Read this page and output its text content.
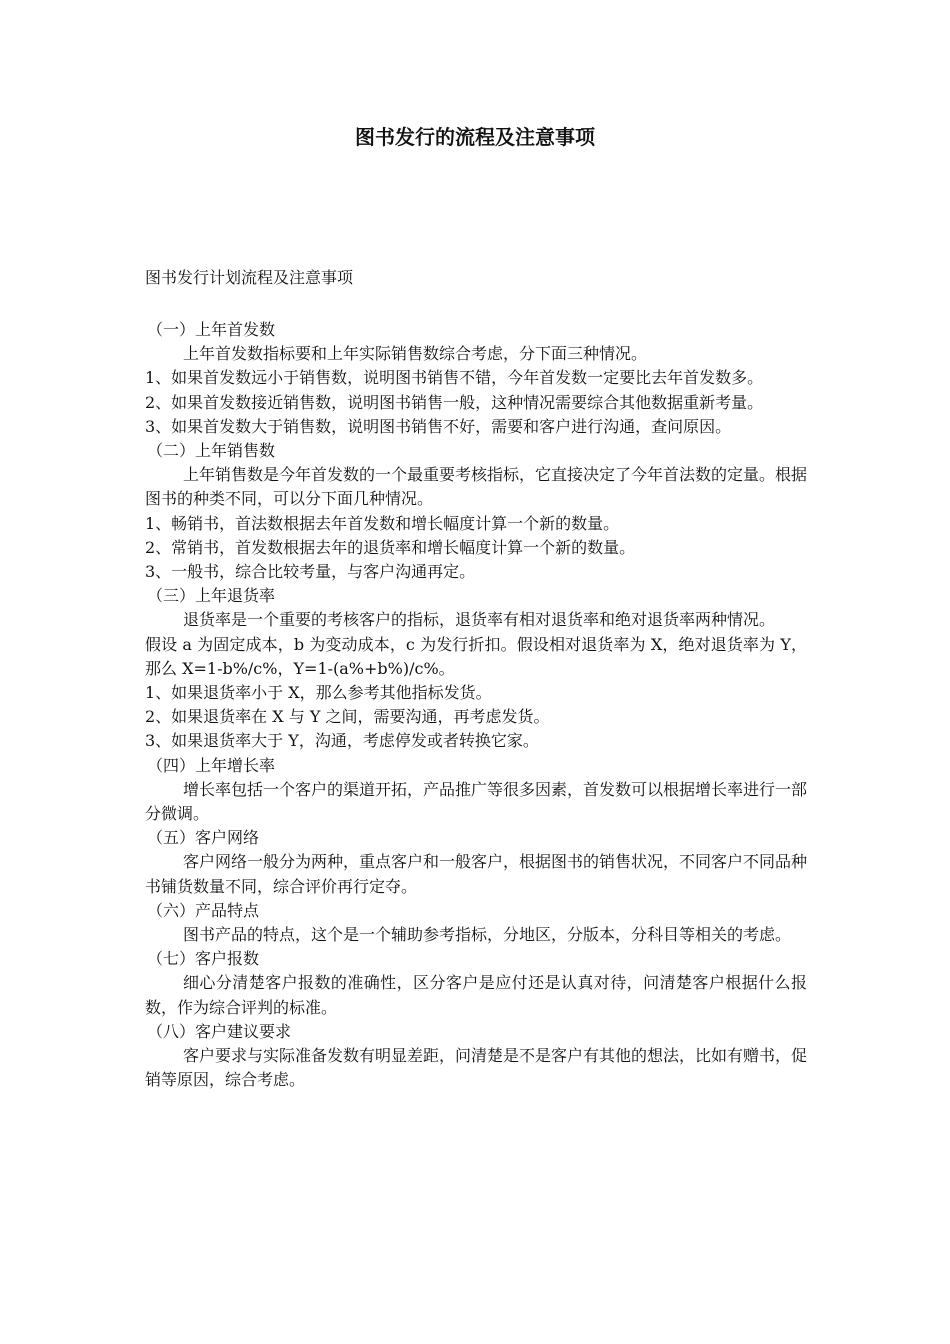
图书发行的流程及注意事项
图书发行计划流程及注意事项

（一）上年首发数

上年首发数指标要和上年实际销售数综合考虑，分下面三种情况。

1、如果首发数远小于销售数，说明图书销售不错，今年首发数一定要比去年首发数多。

2、如果首发数接近销售数，说明图书销售一般，这种情况需要综合其他数据重新考量。

3、如果首发数大于销售数，说明图书销售不好，需要和客户进行沟通，查问原因。

（二）上年销售数

上年销售数是今年首发数的一个最重要考核指标，它直接决定了今年首法数的定量。根据图书的种类不同，可以分下面几种情况。

1、畅销书，首法数根据去年首发数和增长幅度计算一个新的数量。

2、常销书，首发数根据去年的退货率和增长幅度计算一个新的数量。

3、一般书，综合比较考量，与客户沟通再定。

（三）上年退货率

退货率是一个重要的考核客户的指标，退货率有相对退货率和绝对退货率两种情况。

假设 a 为固定成本，b 为变动成本，c 为发行折扣。假设相对退货率为 X，绝对退货率为 Y，那么 X=1-b%/c%，Y=1-(a%+b%)/c%。

1、如果退货率小于 X，那么参考其他指标发货。

2、如果退货率在 X 与 Y 之间，需要沟通，再考虑发货。

3、如果退货率大于 Y，沟通，考虑停发或者转换它家。

（四）上年增长率

增长率包括一个客户的渠道开拓，产品推广等很多因素，首发数可以根据增长率进行一部分微调。

（五）客户网络

客户网络一般分为两种，重点客户和一般客户，根据图书的销售状况，不同客户不同品种书铺货数量不同，综合评价再行定夺。

（六）产品特点

图书产品的特点，这个是一个辅助参考指标，分地区，分版本，分科目等相关的考虑。

（七）客户报数

细心分清楚客户报数的准确性，区分客户是应付还是认真对待，问清楚客户根据什么报数，作为综合评判的标准。

（八）客户建议要求

客户要求与实际准备发数有明显差距，问清楚是不是客户有其他的想法，比如有赠书，促销等原因，综合考虑。
